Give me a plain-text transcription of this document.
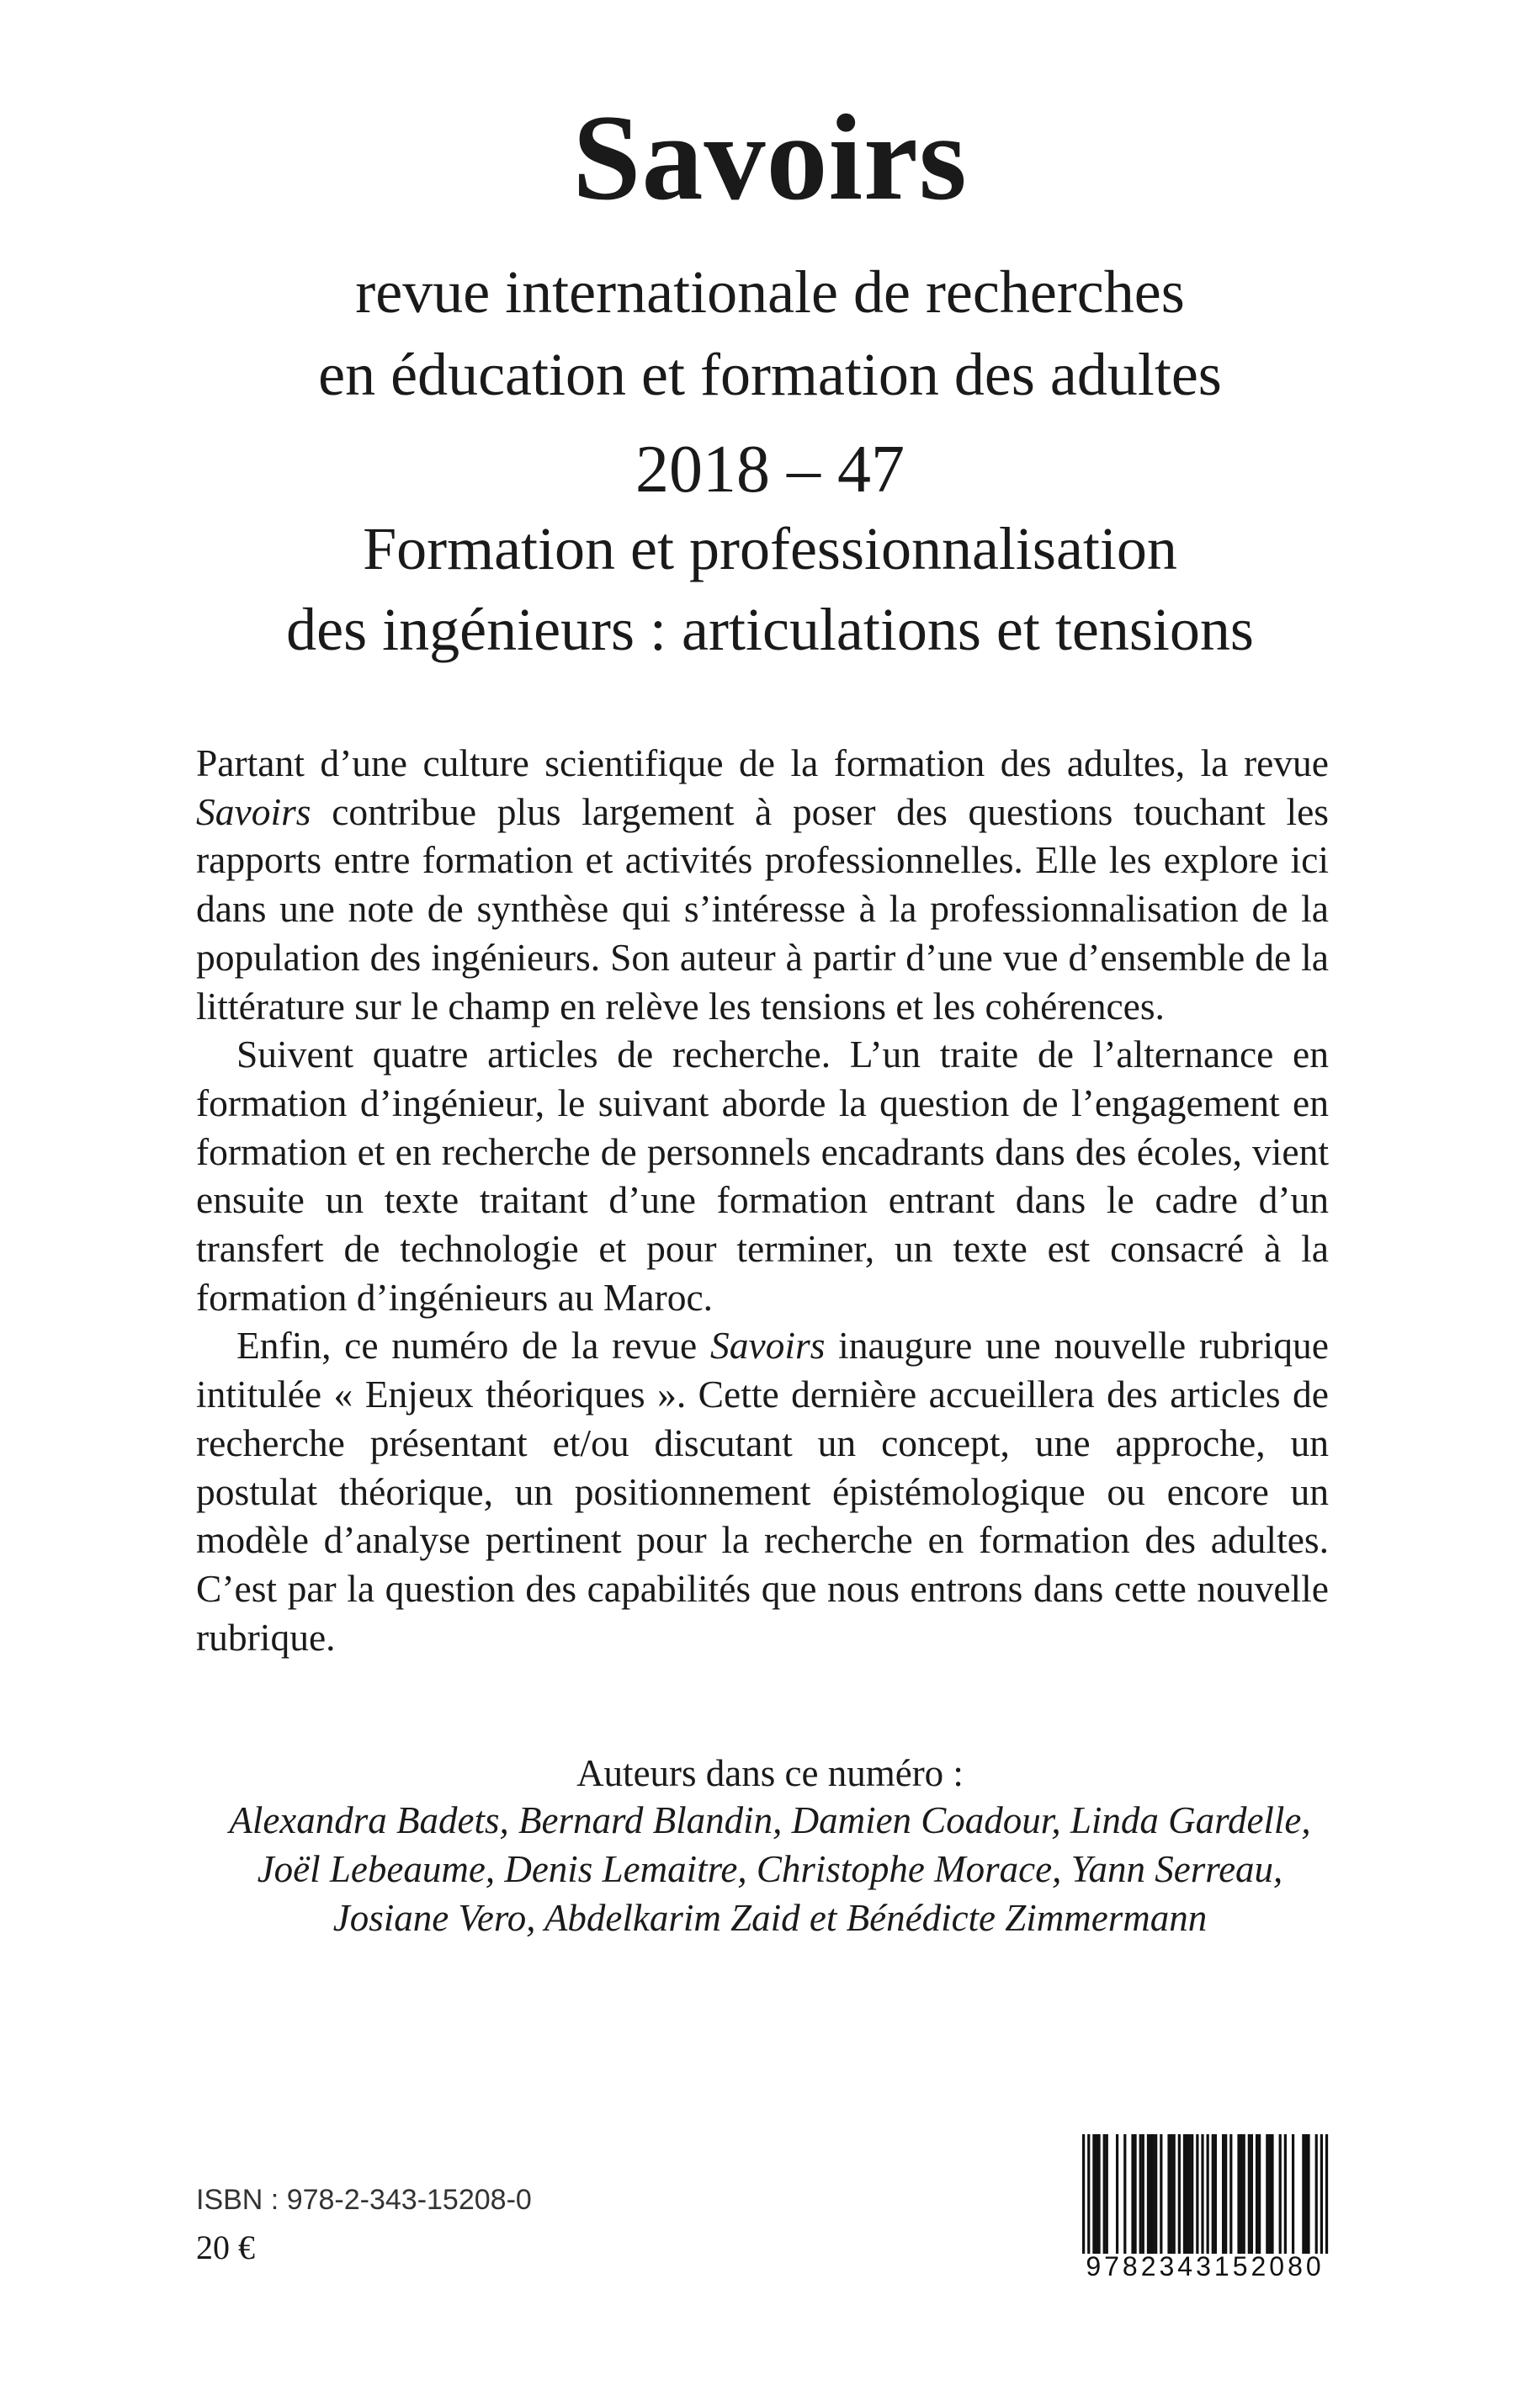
Savoirs
revue internationale de recherches
en éducation et formation des adultes
2018 – 47
Formation et professionnalisation
des ingénieurs : articulations et tensions

Partant d’une culture scientifique de la formation des adultes, la revue Savoirs contribue plus largement à poser des questions touchant les rapports entre formation et activités professionnelles. Elle les explore ici dans une note de synthèse qui s’intéresse à la professionnalisation de la population des ingénieurs. Son auteur à partir d’une vue d’ensemble de la littérature sur le champ en relève les tensions et les cohérences.

Suivent quatre articles de recherche. L’un traite de l’alternance en formation d’ingénieur, le suivant aborde la question de l’engagement en formation et en recherche de personnels encadrants dans des écoles, vient ensuite un texte traitant d’une formation entrant dans le cadre d’un transfert de technologie et pour terminer, un texte est consacré à la formation d’ingénieurs au Maroc.

Enfin, ce numéro de la revue Savoirs inaugure une nouvelle rubrique intitulée « Enjeux théoriques ». Cette dernière accueillera des articles de recherche présentant et/ou discutant un concept, une approche, un postulat théorique, un positionnement épistémologique ou encore un modèle d’analyse pertinent pour la recherche en formation des adultes. C’est par la question des capabilités que nous entrons dans cette nouvelle rubrique.

Auteurs dans ce numéro :
Alexandra Badets, Bernard Blandin, Damien Coadour, Linda Gardelle,
Joël Lebeaume, Denis Lemaitre, Christophe Morace, Yann Serreau,
Josiane Vero, Abdelkarim Zaid et Bénédicte Zimmermann
ISBN : 978-2-343-15208-0
20 €	9782343152080
